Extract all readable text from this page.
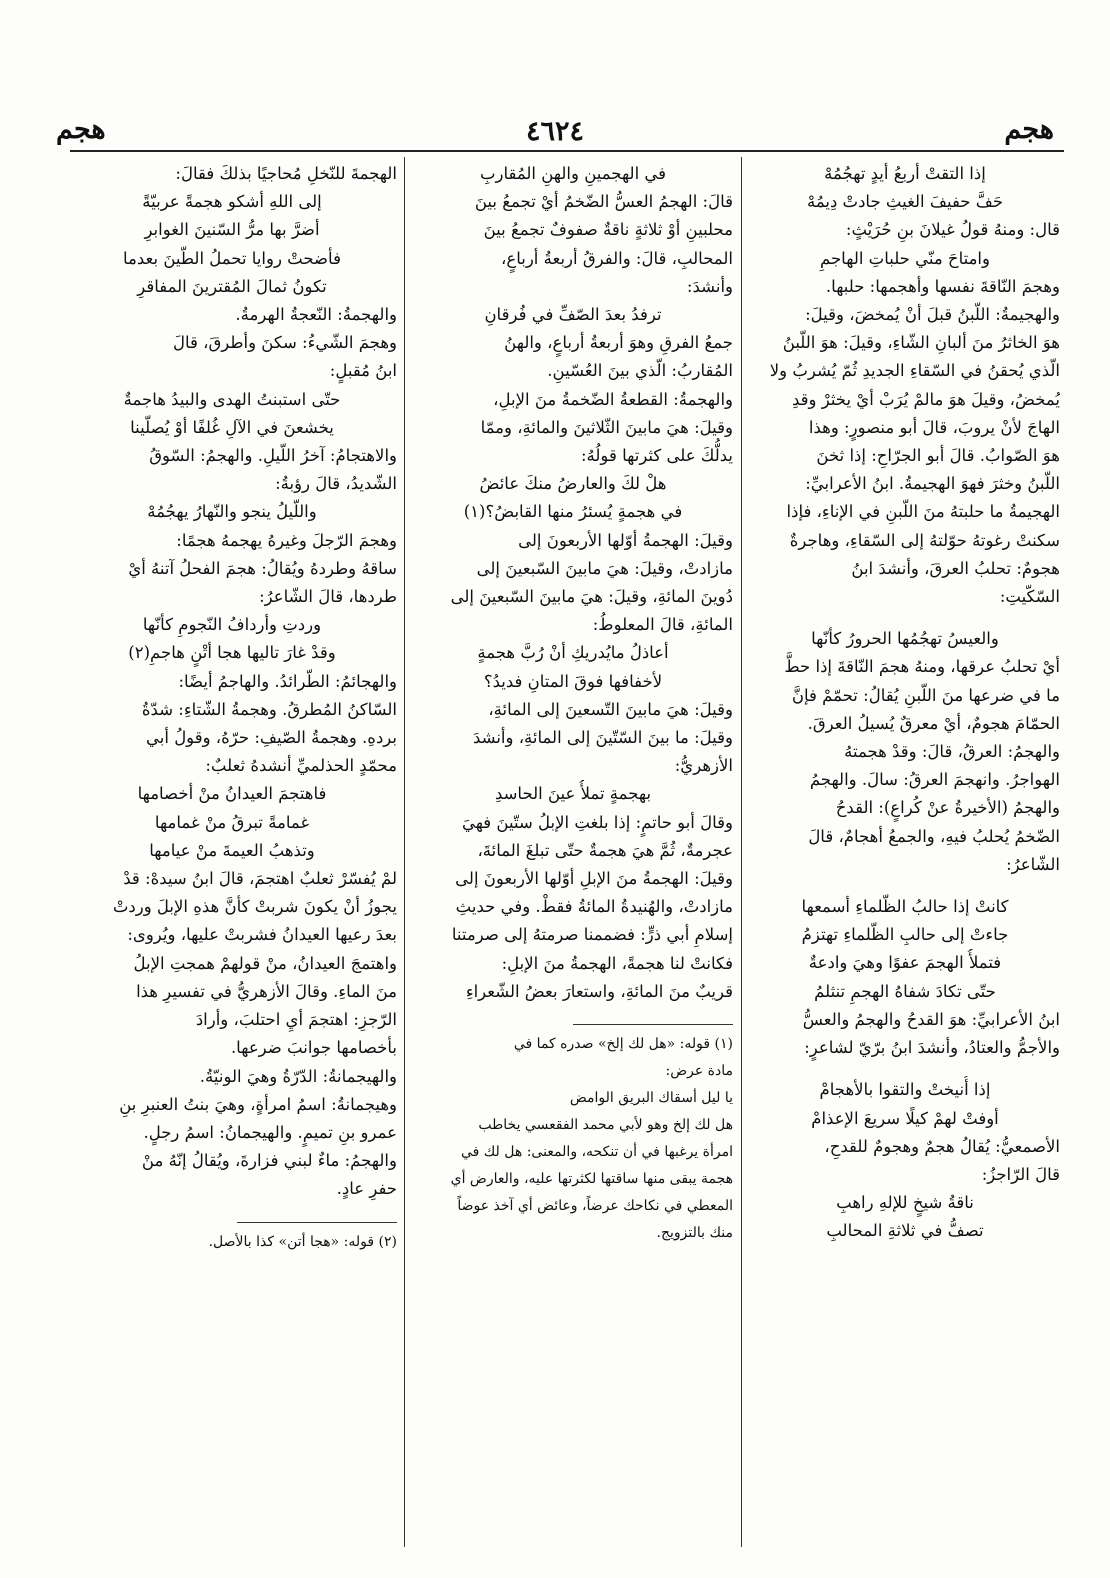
هجم
٤٦٢٤
هجم

إذا التقتْ أربعُ أيدٍ تهجُمُهْ

حَفَّ حفيفَ الغيثِ جادتْ دِيمُهْ

قال: ومنهُ قولُ غيلانَ بنِ حُرَيْثٍ:

وامتاحَ منّي حلباتِ الهاجمِ

وهجمَ النّاقةَ نفسها وأهجمها: حلبها.

والهجيمةُ: اللّبنُ قبلَ أنْ يُمخضَ، وقيلَ:

هوَ الخاثرُ منَ ألبانِ الشّاءِ، وقيلَ: هوَ اللّبنُ

الّذي يُحقنُ في السّقاءِ الجديدِ ثُمّ يُشربُ ولا

يُمخضُ، وقيلَ هوَ مالمْ يُرَبْ أيْ يخثرْ وقدِ

الهاجَ لأنْ يروبَ، قالَ أبو منصورٍ: وهذا

هوَ الصّوابُ. قالَ أبو الجرّاحِ: إذا ثخنَ

اللّبنُ وخثرَ فهوَ الهجيمةُ. ابنُ الأعرابيِّ:

الهجيمةُ ما حلبتهُ منَ اللّبنِ في الإناءِ، فإذا

سكنتْ رغوتهُ حوّلتهُ إلى السّقاءِ، وهاجرةٌ

هجومٌ: تحلبُ العرقَ، وأنشدَ ابنُ

السّكّيتِ:

والعيسُ تهجُمُها الحرورُ كأنّها

أيْ تحلبُ عرقها، ومنهُ هجمَ النّاقةَ إذا حطَّ

ما في ضرعها منَ اللّبنِ يُقالُ: تحمّمْ فإنَّ

الحمّامَ هجومٌ، أيْ معرقٌ يُسيلُ العرقَ.

والهجمُ: العرقُ، قالَ: وقدْ هجمتهُ

الهواجرُ. وانهجمَ العرقُ: سالَ. والهجمُ

والهجمُ (الأخيرةُ عنْ كُراعٍ): القدحُ

الضّخمُ يُحلبُ فيهِ، والجمعُ أهجامٌ، قالَ

الشّاعرُ:

كانتْ إذا حالبُ الظّلماءِ أسمعها

جاءتْ إلى حالبِ الظّلماءِ تهتزمُ

فتملأُ الهجمَ عفوًا وهيَ وادعةٌ

حتّى تكادَ شفاهُ الهجمِ تنثلمُ

ابنُ الأعرابيِّ: هوَ القدحُ والهجمُ والعسُّ

والأجمُّ والعتادُ، وأنشدَ ابنُ برّيّ لشاعرٍ:

إذا أُنيختْ والتقوا بالأهجامْ

أوفتْ لهمْ كيلًا سريعَ الإعذامْ

الأصمعيُّ: يُقالُ هجمٌ وهجومٌ للقدحِ،

قالَ الرّاجزُ:

ناقةُ شيخٍ للإلهِ راهبِ

تصفُّ في ثلاثةِ المحالبِ

في الهجمينِ والهنِ المُقاربِ

قالَ: الهجمُ العسُّ الضّخمُ أيْ تجمعُ بينَ

محلبينِ أوْ ثلاثةٍ ناقةٌ صفوفٌ تجمعُ بينَ

المحالبِ، قالَ: والفرقُ أربعةُ أرباعٍ،

وأنشدَ:

ترفدُ بعدَ الصّفِّ في فُرقانِ

جمعُ الفرقِ وهوَ أربعةُ أرباعٍ، والهنُ

المُقاربُ: الّذي بينَ العُسّينِ.

والهجمةُ: القطعةُ الضّخمةُ منَ الإبلِ،

وقيلَ: هيَ مابينَ الثّلاثينَ والمائةِ، وممّا

يدلُّكَ على كثرتها قولُهُ:

هلْ لكَ والعارضُ منكَ عائضُ

في هجمةٍ يُسئرُ منها القابضُ؟(١)

وقيلَ: الهجمةُ أوّلها الأربعونَ إلى

مازادتْ، وقيلَ: هيَ مابينَ السّبعينَ إلى

دُوينَ المائةِ، وقيلَ: هيَ مابينَ السّبعينَ إلى

المائةِ، قالَ المعلوطُ:

أعاذلُ مايُدريكِ أنْ رُبَّ هجمةٍ

لأخفافها فوقَ المتانِ فديدُ؟

وقيلَ: هيَ مابينَ التّسعينَ إلى المائةِ،

وقيلَ: ما بينَ السّتّينَ إلى المائةِ، وأنشدَ

الأزهريُّ:

بهجمةٍ تملأُ عينَ الحاسدِ

وقالَ أبو حاتمٍ: إذا بلغتِ الإبلُ ستّينَ فهيَ

عجرمةٌ، ثُمَّ هيَ هجمةٌ حتّى تبلغَ المائةَ،

وقيلَ: الهجمةُ منَ الإبلِ أوّلها الأربعونَ إلى

مازادتْ، والهُنيدةُ المائةُ فقطْ. وفي حديثِ

إسلامِ أبي ذرٍّ: فضممنا صرمتهُ إلى صرمتنا

فكانتْ لنا هجمةً، الهجمةُ منَ الإبلِ:

قريبٌ منَ المائةِ، واستعارَ بعضُ الشّعراءِ

(١) قوله: «هل لك إلخ» صدره كما في

مادة عرض:

يا ليل أسقاك البريق الوامض

هل لك إلخ وهو لأبي محمد الفقعسي يخاطب

امرأة يرغبها في أن تنكحه، والمعنى: هل لك في

هجمة يبقى منها ساقتها لكثرتها عليه، والعارض أي

المعطي في نكاحك عرضاً، وعائض أي آخذ عوضاً

منك بالتزويج.

الهجمةَ للنّخلِ مُحاجيًا بذلكَ فقالَ:

إلى اللهِ أشكو هجمةً عربيّةً

أضرَّ بها مرُّ السّنينَ الغوابرِ

فأضحتْ روايا تحملُ الطّينَ بعدما

تكونُ ثمالَ المُقترينَ المفاقرِ

والهجمةُ: النّعجةُ الهرمةُ.

وهجمَ الشّيءُ: سكنَ وأطرقَ، قالَ

ابنُ مُقبلٍ:

حتّى استبنتُ الهدى والبيدُ هاجمةٌ

يخشعنَ في الآلِ غُلفًا أوْ يُصلّينا

والاهتجامُ: آخرُ اللّيلِ. والهجمُ: السّوقُ

الشّديدُ، قالَ رؤبةُ:

واللّيلُ ينجو والنّهارُ يهجُمُهْ

وهجمَ الرّجلَ وغيرهُ يهجمهُ هجمًا:

ساقهُ وطردهُ ويُقالُ: هجمَ الفحلُ آتنهُ أيْ

طردها، قالَ الشّاعرُ:

وردتِ وأردافُ النّجومِ كأنّها

وقدْ غارَ تاليها هجا أتْنٍ هاجمِ(٢)

والهجائمُ: الطّرائدُ. والهاجمُ أيضًا:

السّاكنُ المُطرقُ. وهجمةُ الشّتاءِ: شدّةُ

بردهِ. وهجمةُ الصّيفِ: حرّهُ، وقولُ أبي

محمّدٍ الحذلميِّ أنشدهُ ثعلبٌ:

فاهتجمَ العيدانُ منْ أخصامها

غمامةً تبرقُ منْ غمامها

وتذهبُ العيمةَ منْ عيامها

لمْ يُفسّرْ ثعلبٌ اهتجمَ، قالَ ابنُ سيدهْ: قدْ

يجوزُ أنْ يكونَ شربتْ كأنَّ هذهِ الإبلَ وردتْ

بعدَ رعيها العيدانُ فشربتْ عليها، ويُروى:

واهتمجَ العيدانُ، منْ قولهمْ همجتِ الإبلُ

منَ الماءِ. وقالَ الأزهريُّ في تفسيرِ هذا

الرّجزِ: اهتجمَ أيِ احتلبَ، وأرادَ

بأخصامها جوانبَ ضرعها.

والهيجمانةُ: الدّرّةُ وهيَ الونيّةُ.

وهيجمانةُ: اسمُ امرأةٍ، وهيَ بنتُ العنبرِ بنِ

عمرو بنِ تميمٍ. والهيجمانُ: اسمُ رجلٍ.

والهجمُ: ماءٌ لبني فزارةَ، ويُقالُ إنّهُ منْ

حفرِ عادٍ.

(٢) قوله: «هجا أتن» كذا بالأصل.
